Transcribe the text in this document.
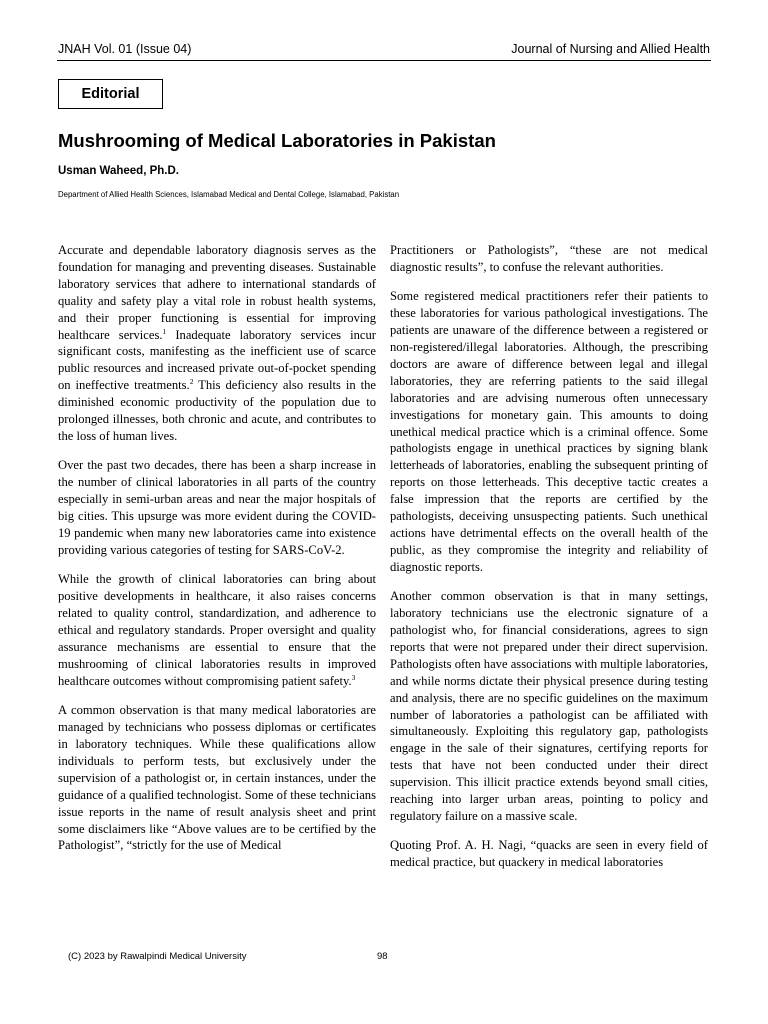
JNAH Vol. 01 (Issue 04)	Journal of Nursing and Allied Health
Editorial
Mushrooming of Medical Laboratories in Pakistan
Usman Waheed, Ph.D.
Department of Allied Health Sciences, Islamabad Medical and Dental College, Islamabad, Pakistan

Accurate and dependable laboratory diagnosis serves as the foundation for managing and preventing diseases. Sustainable laboratory services that adhere to international standards of quality and safety play a vital role in robust health systems, and their proper functioning is essential for improving healthcare services.$^1$ Inadequate laboratory services incur significant costs, manifesting as the inefficient use of scarce public resources and increased private out-of-pocket spending on ineffective treatments.$^2$ This deficiency also results in the diminished economic productivity of the population due to prolonged illnesses, both chronic and acute, and contributes to the loss of human lives.

Over the past two decades, there has been a sharp increase in the number of clinical laboratories in all parts of the country especially in semi-urban areas and near the major hospitals of big cities. This upsurge was more evident during the COVID-19 pandemic when many new laboratories came into existence providing various categories of testing for SARS-CoV-2.

While the growth of clinical laboratories can bring about positive developments in healthcare, it also raises concerns related to quality control, standardization, and adherence to ethical and regulatory standards. Proper oversight and quality assurance mechanisms are essential to ensure that the mushrooming of clinical laboratories results in improved healthcare outcomes without compromising patient safety.$^3$

A common observation is that many medical laboratories are managed by technicians who possess diplomas or certificates in laboratory techniques. While these qualifications allow individuals to perform tests, but exclusively under the supervision of a pathologist or, in certain instances, under the guidance of a qualified technologist. Some of these technicians issue reports in the name of result analysis sheet and print some disclaimers like “Above values are to be certified by the Pathologist”, “strictly for the use of Medical

Practitioners or Pathologists”, “these are not medical diagnostic results”, to confuse the relevant authorities.

Some registered medical practitioners refer their patients to these laboratories for various pathological investigations. The patients are unaware of the difference between a registered or non-registered/illegal laboratories. Although, the prescribing doctors are aware of difference between legal and illegal laboratories, they are referring patients to the said illegal laboratories and are advising numerous often unnecessary investigations for monetary gain. This amounts to doing unethical medical practice which is a criminal offence. Some pathologists engage in unethical practices by signing blank letterheads of laboratories, enabling the subsequent printing of reports on those letterheads. This deceptive tactic creates a false impression that the reports are certified by the pathologists, deceiving unsuspecting patients. Such unethical actions have detrimental effects on the overall health of the public, as they compromise the integrity and reliability of diagnostic reports.

Another common observation is that in many settings, laboratory technicians use the electronic signature of a pathologist who, for financial considerations, agrees to sign reports that were not prepared under their direct supervision. Pathologists often have associations with multiple laboratories, and while norms dictate their physical presence during testing and analysis, there are no specific guidelines on the maximum number of laboratories a pathologist can be affiliated with simultaneously. Exploiting this regulatory gap, pathologists engage in the sale of their signatures, certifying reports for tests that have not been conducted under their direct supervision. This illicit practice extends beyond small cities, reaching into larger urban areas, pointing to policy and regulatory failure on a massive scale.

Quoting Prof. A. H. Nagi, “quacks are seen in every field of medical practice, but quackery in medical laboratories

(C) 2023 by Rawalpindi Medical University	98
